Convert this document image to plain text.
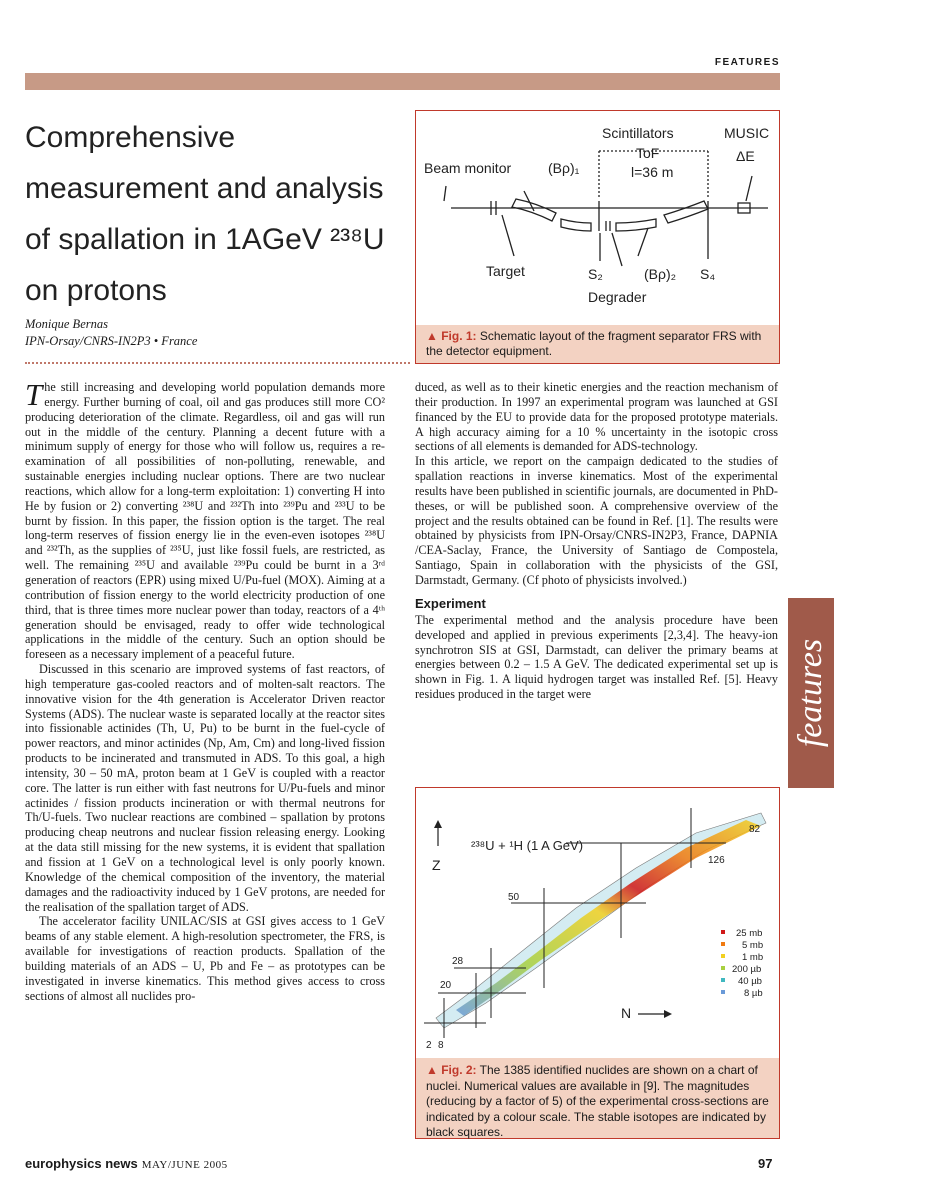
FEATURES
Comprehensive measurement and analysis of spallation in 1AGeV ²³⁸U on protons
Monique Bernas
IPN-Orsay/CNRS-IN2P3 • France
Scintillators	MUSIC
ToF	ΔE
l=36 m
Beam monitor	(Bρ)₁
Target	S₂	(Bρ)₂ S₄
Degrader
▲ Fig. 1: Schematic layout of the fragment separator FRS with the detector equipment.

The still increasing and developing world population demands more energy. Further burning of coal, oil and gas produces still more CO² producing deterioration of the climate. Regardless, oil and gas will run out in the middle of the century. Planning a decent future with a minimum supply of energy for those who will follow us, requires a re-examination of all possibilities of non-polluting, renewable, and sustainable energies including nuclear options. There are two nuclear reactions, which allow for a long-term exploitation: 1) converting H into He by fusion or 2) converting ²³⁸U and ²³²Th into ²³⁹Pu and ²³³U to be burnt by fission. In this paper, the fission option is the target. The real long-term reserves of fission energy lie in the even-even isotopes ²³⁸U and ²³²Th, as the supplies of ²³⁵U, just like fossil fuels, are restricted, as well. The remaining ²³⁵U and available ²³⁹Pu could be burnt in a 3ʳᵈ generation of reactors (EPR) using mixed U/Pu-fuel (MOX). Aiming at a contribution of fission energy to the world electricity production of one third, that is three times more nuclear power than today, reactors of a 4ᵗʰ generation should be envisaged, ready to offer wide technological applications in the middle of the century. Such an option should be foreseen as a necessary implement of a peaceful future.

Discussed in this scenario are improved systems of fast reactors, of high temperature gas-cooled reactors and of molten-salt reactors. The innovative vision for the 4th generation is Accelerator Driven reactor Systems (ADS). The nuclear waste is separated locally at the reactor sites into fissionable actinides (Th, U, Pu) to be burnt in the fuel-cycle of power reactors, and minor actinides (Np, Am, Cm) and long-lived fission products to be incinerated and transmuted in ADS. To this goal, a high intensity, 30 – 50 mA, proton beam at 1 GeV is coupled with a reactor core. The latter is run either with fast neutrons for U/Pu-fuels and minor actinides / fission products incineration or with thermal neutrons for Th/U-fuels. Two nuclear reactions are combined – spallation by protons producing cheap neutrons and nuclear fission releasing energy. Looking at the data still missing for the new systems, it is evident that spallation and fission at 1 GeV on a technological level is only poorly known. Knowledge of the chemical composition of the inventory, the material damages and the radioactivity induced by 1 GeV protons, are needed for the realisation of the spallation target of ADS.

The accelerator facility UNILAC/SIS at GSI gives access to 1 GeV beams of any stable element. A high-resolution spectrometer, the FRS, is available for investigations of reaction products. Spallation of the building materials of an ADS – U, Pb and Fe – as prototypes can be investigated in inverse kinematics. This method gives access to cross sections of almost all nuclides pro-

duced, as well as to their kinetic energies and the reaction mechanism of their production. In 1997 an experimental program was launched at GSI financed by the EU to provide data for the proposed prototype materials. A high accuracy aiming for a 10 % uncertainty in the isotopic cross sections of all elements is demanded for ADS-technology.

In this article, we report on the campaign dedicated to the studies of spallation reactions in inverse kinematics. Most of the experimental results have been published in scientific journals, are documented in PhD-theses, or will be published soon. A comprehensive overview of the project and the results obtained can be found in Ref. [1]. The results were obtained by physicists from IPN-Orsay/CNRS-IN2P3, France, DAPNIA /CEA-Saclay, France, the University of Santiago de Compostela, Santiago, Spain in collaboration with the physicists of the GSI, Darmstadt, Germany. (Cf photo of physicists involved.)

Experiment

The experimental method and the analysis procedure have been developed and applied in previous experiments [2,3,4]. The heavy-ion synchrotron SIS at GSI, Darmstadt, can deliver the primary beams at energies between 0.2 – 1.5 A GeV. The dedicated experimental set up is shown in Fig. 1. A liquid hydrogen target was installed Ref. [5]. Heavy residues produced in the target were	features
2 8
20
28
50
82
126
Z
N
²³⁸U + ¹H (1 A GeV)
25 mb
5 mb
1 mb
200 µb
40 µb
8 µb
▲ Fig. 2: The 1385 identified nuclides are shown on a chart of nuclei. Numerical values are available in [9]. The magnitudes (reducing by a factor of 5) of the experimental cross-sections are indicated by a colour scale. The stable isotopes are indicated by black squares.
europhysics news MAY/JUNE 2005	97
